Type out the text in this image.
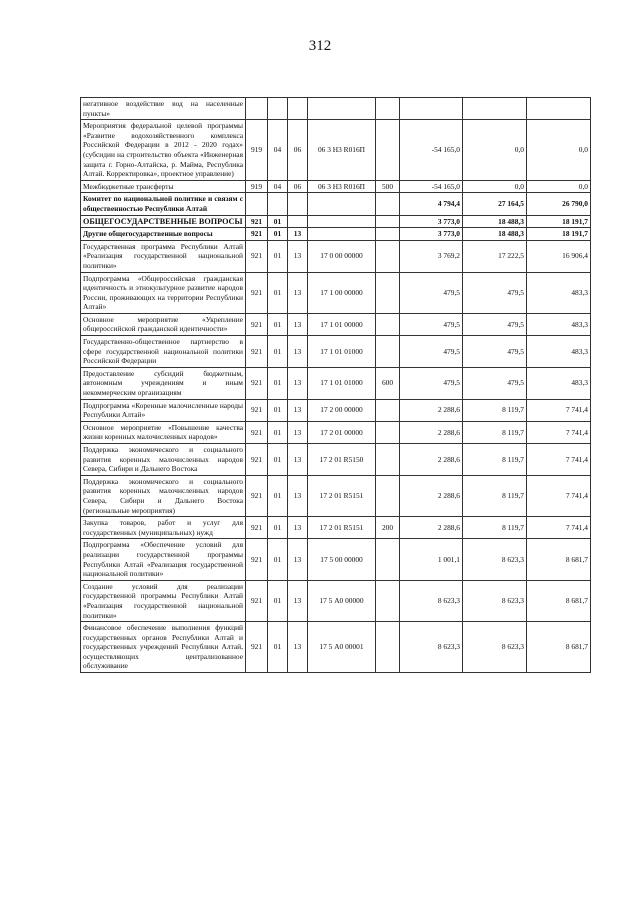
312
негативное воздействие вод на населенные пункты»								
Мероприятия федеральной целевой программы «Развитие водохозяйственного комплекса Российской Федерации в 2012 - 2020 годах» (субсидии на строительство объекта «Инженерная защита г. Горно-Алтайска, р. Майма, Республика Алтай. Корректировка», проектное управление)	919	04	06	06 3 Н3 R016П		-54 165,0	0,0	0,0
Межбюджетные трансферты	919	04	06	06 3 Н3 R016П	500	-54 165,0	0,0	0,0
Комитет по национальной политике и связям с общественностью Республики Алтай						4 794,4	27 164,5	26 790,0
ОБЩЕГОСУДАРСТВЕННЫЕ ВОПРОСЫ	921	01				3 773,0	18 488,3	18 191,7
Другие общегосударственные вопросы	921	01	13			3 773,0	18 488,3	18 191,7
Государственная программа Республики Алтай «Реализация государственной национальной политики»	921	01	13	17 0 00 00000		3 769,2	17 222,5	16 906,4
Подпрограмма «Общероссийская гражданская идентичность и этнокультурное развитие народов России, проживающих на территории Республики Алтай»	921	01	13	17 1 00 00000		479,5	479,5	483,3
Основное мероприятие «Укрепление общероссийской гражданской идентичности»	921	01	13	17 1 01 00000		479,5	479,5	483,3
Государственно-общественное партнерство в сфере государственной национальной политики Российской Федерации	921	01	13	17 1 01 01000		479,5	479,5	483,3
Предоставление субсидий бюджетным, автономным учреждениям и иным некоммерческим организациям	921	01	13	17 1 01 01000	600	479,5	479,5	483,3
Подпрограмма «Коренные малочисленные народы Республики Алтай»	921	01	13	17 2 00 00000		2 288,6	8 119,7	7 741,4
Основное мероприятие «Повышение качества жизни коренных малочисленных народов»	921	01	13	17 2 01 00000		2 288,6	8 119,7	7 741,4
Поддержка экономического и социального развития коренных малочисленных народов Севера, Сибири и Дальнего Востока	921	01	13	17 2 01 R5150		2 288,6	8 119,7	7 741,4
Поддержка экономического и социального развития коренных малочисленных народов Севера, Сибири и Дальнего Востока (региональные мероприятия)	921	01	13	17 2 01 R5151		2 288,6	8 119,7	7 741,4
Закупка товаров, работ и услуг для государственных (муниципальных) нужд	921	01	13	17 2 01 R5151	200	2 288,6	8 119,7	7 741,4
Подпрограмма «Обеспечение условий для реализации государственной программы Республики Алтай «Реализация государственной национальной политики»	921	01	13	17 5 00 00000		1 001,1	8 623,3	8 681,7
Создание условий для реализации государственной программы Республики Алтай «Реализация государственной национальной политики»	921	01	13	17 5 А0 00000		8 623,3	8 623,3	8 681,7
Финансовое обеспечение выполнения функций государственных органов Республики Алтай и государственных учреждений Республики Алтай, осуществляющих централизованное обслуживание	921	01	13	17 5 А0 00001		8 623,3	8 623,3	8 681,7
